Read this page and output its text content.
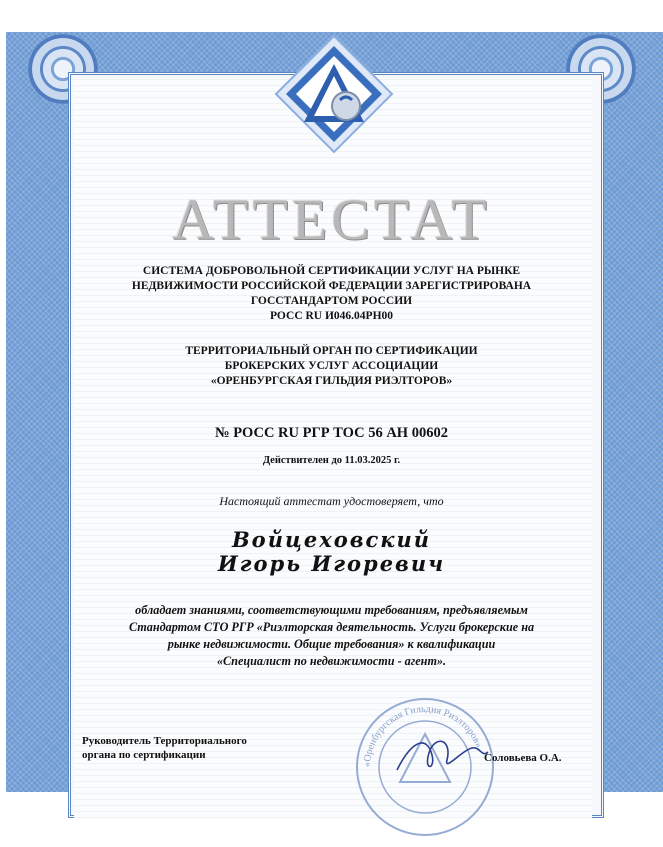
АТТЕСТАТ
СИСТЕМА ДОБРОВОЛЬНОЙ СЕРТИФИКАЦИИ УСЛУГ НА РЫНКЕ
НЕДВИЖИМОСТИ РОССИЙСКОЙ ФЕДЕРАЦИИ ЗАРЕГИСТРИРОВАНА
ГОССТАНДАРТОМ РОССИИ
РОСС RU И046.04РН00
ТЕРРИТОРИАЛЬНЫЙ ОРГАН ПО СЕРТИФИКАЦИИ
БРОКЕРСКИХ УСЛУГ АССОЦИАЦИИ
«ОРЕНБУРГСКАЯ ГИЛЬДИЯ РИЭЛТОРОВ»
№ РОСС RU РГР ТОС 56 АН 00602
Действителен до 11.03.2025 г.
Настоящий аттестат удостоверяет, что
Войцеховский
Игорь Игоревич
обладает знаниями, соответствующими требованиям, предъявляемым
Стандартом СТО РГР «Риэлторская деятельность. Услуги брокерские на
рынке недвижимости. Общие требования» к квалификации
«Специалист по недвижимости - агент».
«Оренбургская Гильдия Риэлторов»
Руководитель Территориального
органа по сертификации	Соловьева О.А.
